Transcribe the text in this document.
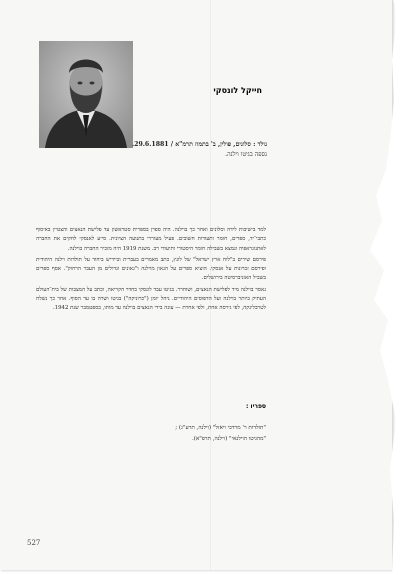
חייקל לונסקי
נולד : סלונים, פולין, ב' בתמוז תרמ"א / 29.6.1881.
נספה בגיטו וילנה.

למד בישיבות לידה וסלונים ואחר כך בוילנה. היה ספרן בספרית סטראשון עד פלישת הנאצים והצטיין באיסוף כתבי־יד, ספרים, חומר ותעודות חשובים. פעיל מעוררי בתנועה הציונית. סייע לאנסקי לחקים את החברה לאתנוגראפיה ונמצא בשבילה חומר היסטורי ותיעודי רב. משנת 1919 היה מזכיר החברה בוילנה.

פירסם שירים ב"לוח ארץ ישראל" של לונץ, כתב מאמרים בעברית וביידיש ביחוד על תולדות וילנה היהודית ופירסם זכרונות על אנסקי. הוציא ספרים על הגאון מוילנה ו"גאונים וגדולים מן העבר הרחוק". אסף ספרים בשביל האוניברסיטה בירושלים.

נאסר בוילנה מיד לפלישת הנאצים, ושוחרר. בגיטו עבד לונסקי בחדר הקריאה, וכתב על המצבות של בית־העולם העתיק ביותר בוילנה ועל הדפוסים היהודיים. ניהל יומן ("כרוניקה") בגיטו ושרה בו עד הסוף. אחר כך נשלח לטרבלינקה, לפי גירסה אחת, ולפי אחרת — עונה בידי הנאצים בוילנה עד מותו, בספטמבר שנת 1942.

ספריו :
"תולדות ר' מרדכי ויאזל" (וילנה, תרע"ג) ;
"מהגיטו הוילנאי" (וילנה, תרפ"א).
527
